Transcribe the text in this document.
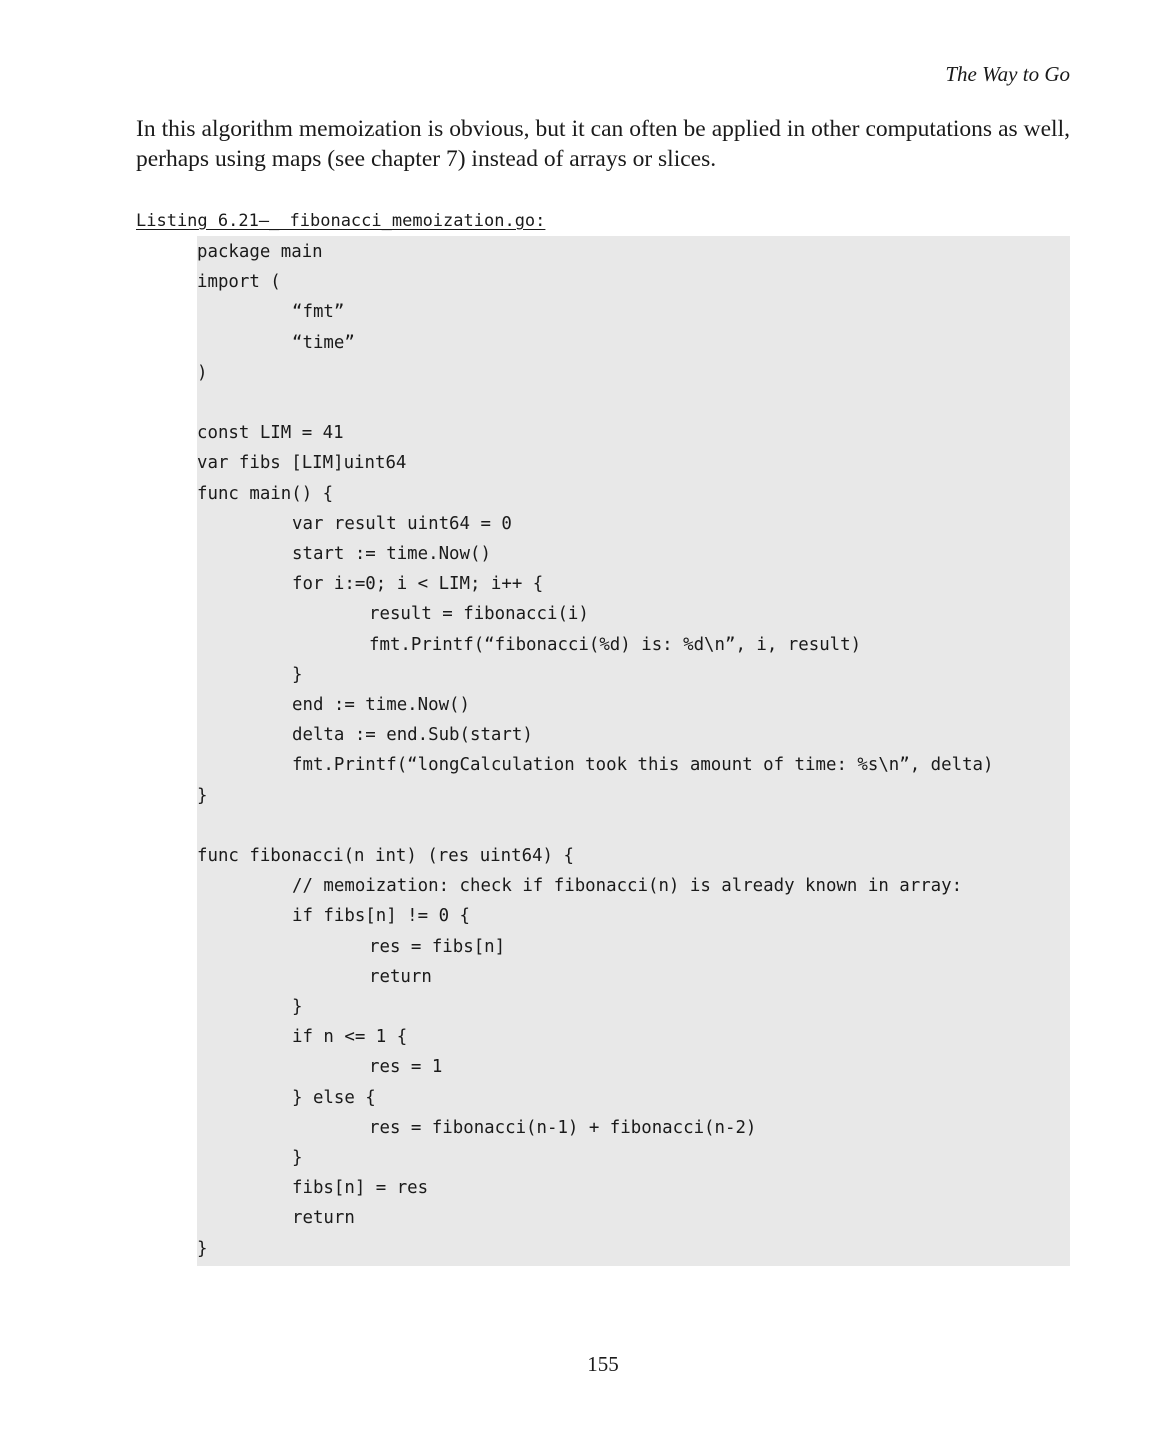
The Way to Go

In this algorithm memoization is obvious, but it can often be applied in other computations as well, perhaps using maps (see chapter 7) instead of arrays or slices.

Listing 6.21—_ fibonacci_memoization.go:
package main
import (
“fmt”
“time”
)
const LIM = 41
var fibs [LIM]uint64
func main() {
var result uint64 = 0
start := time.Now()
for i:=0; i < LIM; i++ {
result = fibonacci(i)
fmt.Printf(“fibonacci(%d) is: %d\n”, i, result)
}
end := time.Now()
delta := end.Sub(start)
fmt.Printf(“longCalculation took this amount of time: %s\n”, delta)
}
func fibonacci(n int) (res uint64) {
// memoization: check if fibonacci(n) is already known in array:
if fibs[n] != 0 {
res = fibs[n]
return
}
if n <= 1 {
res = 1
} else {
res = fibonacci(n-1) + fibonacci(n-2)
}
fibs[n] = res
return
}
155
